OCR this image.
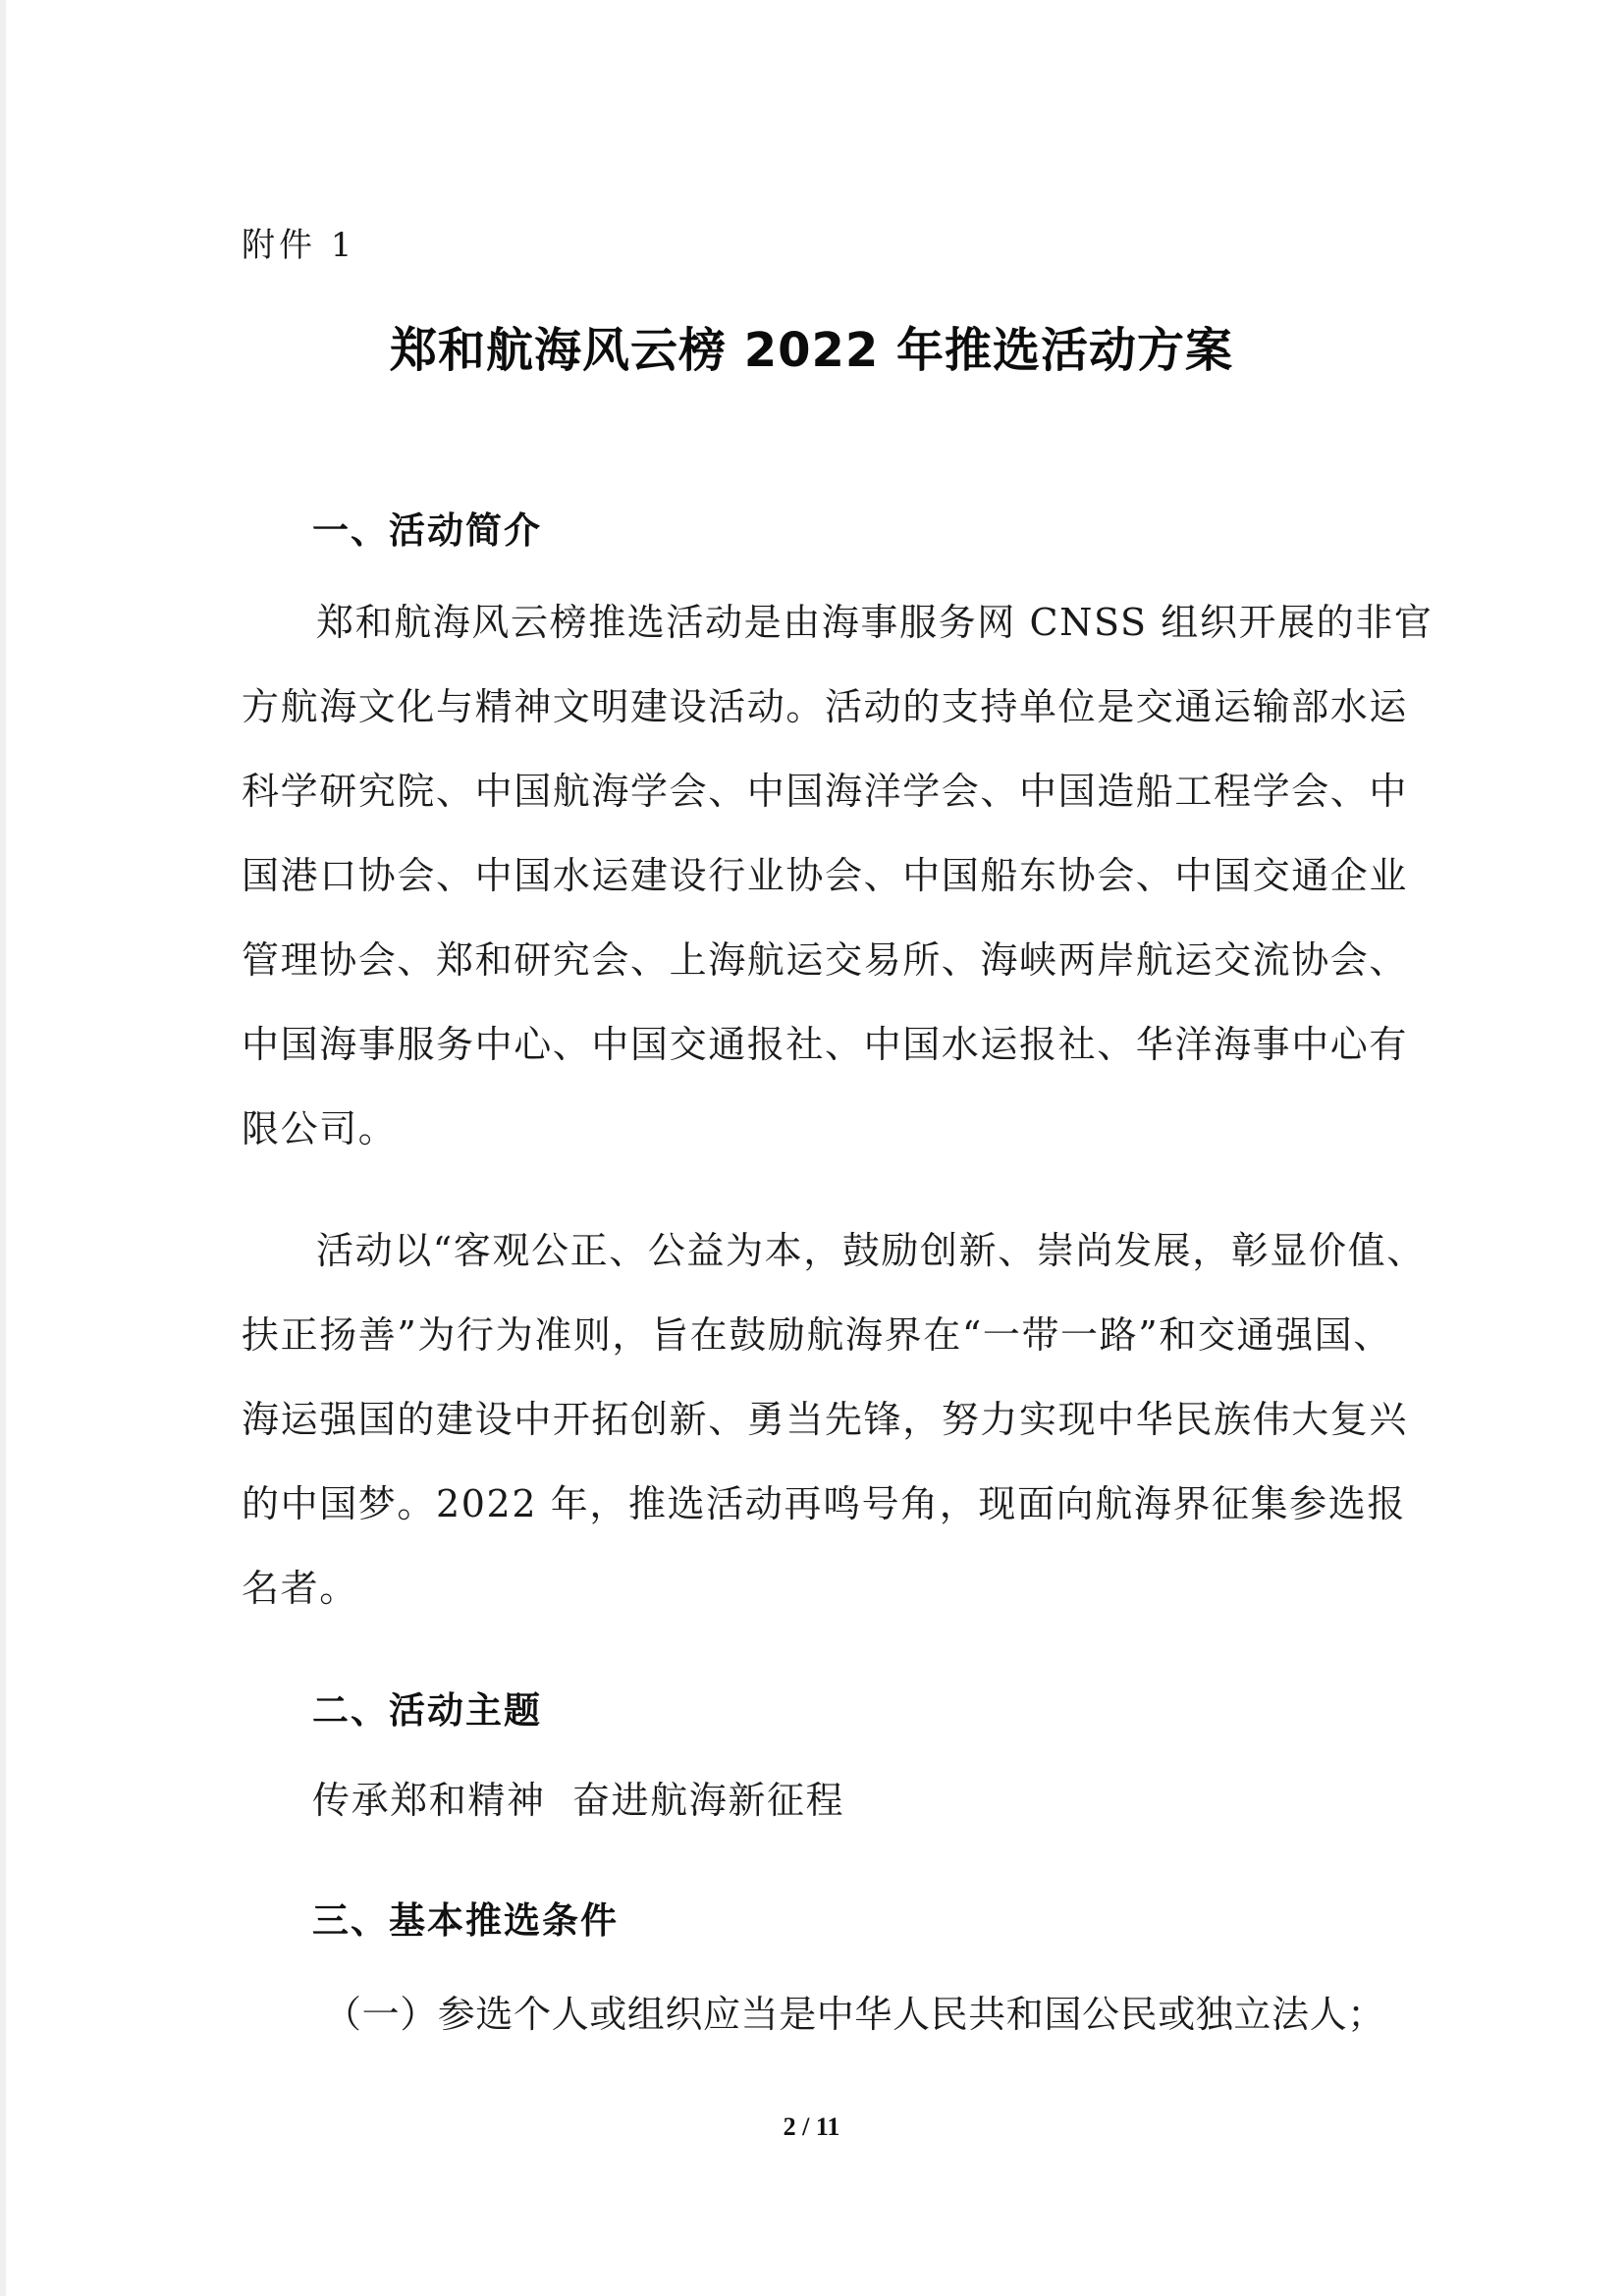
附件 1
郑和航海风云榜 2022 年推选活动方案
一、活动简介
郑和航海风云榜推选活动是由海事服务网 CNSS 组织开展的非官
方航海文化与精神文明建设活动。活动的支持单位是交通运输部水运
科学研究院、中国航海学会、中国海洋学会、中国造船工程学会、中
国港口协会、中国水运建设行业协会、中国船东协会、中国交通企业
管理协会、郑和研究会、上海航运交易所、海峡两岸航运交流协会、
中国海事服务中心、中国交通报社、中国水运报社、华洋海事中心有
限公司。
活动以“客观公正、公益为本，鼓励创新、崇尚发展，彰显价值、
扶正扬善”为行为准则，旨在鼓励航海界在“一带一路”和交通强国、
海运强国的建设中开拓创新、勇当先锋，努力实现中华民族伟大复兴
的中国梦。2022 年，推选活动再鸣号角，现面向航海界征集参选报
名者。
二、活动主题
传承郑和精神  奋进航海新征程
三、基本推选条件
（一）参选个人或组织应当是中华人民共和国公民或独立法人；
2 / 11
